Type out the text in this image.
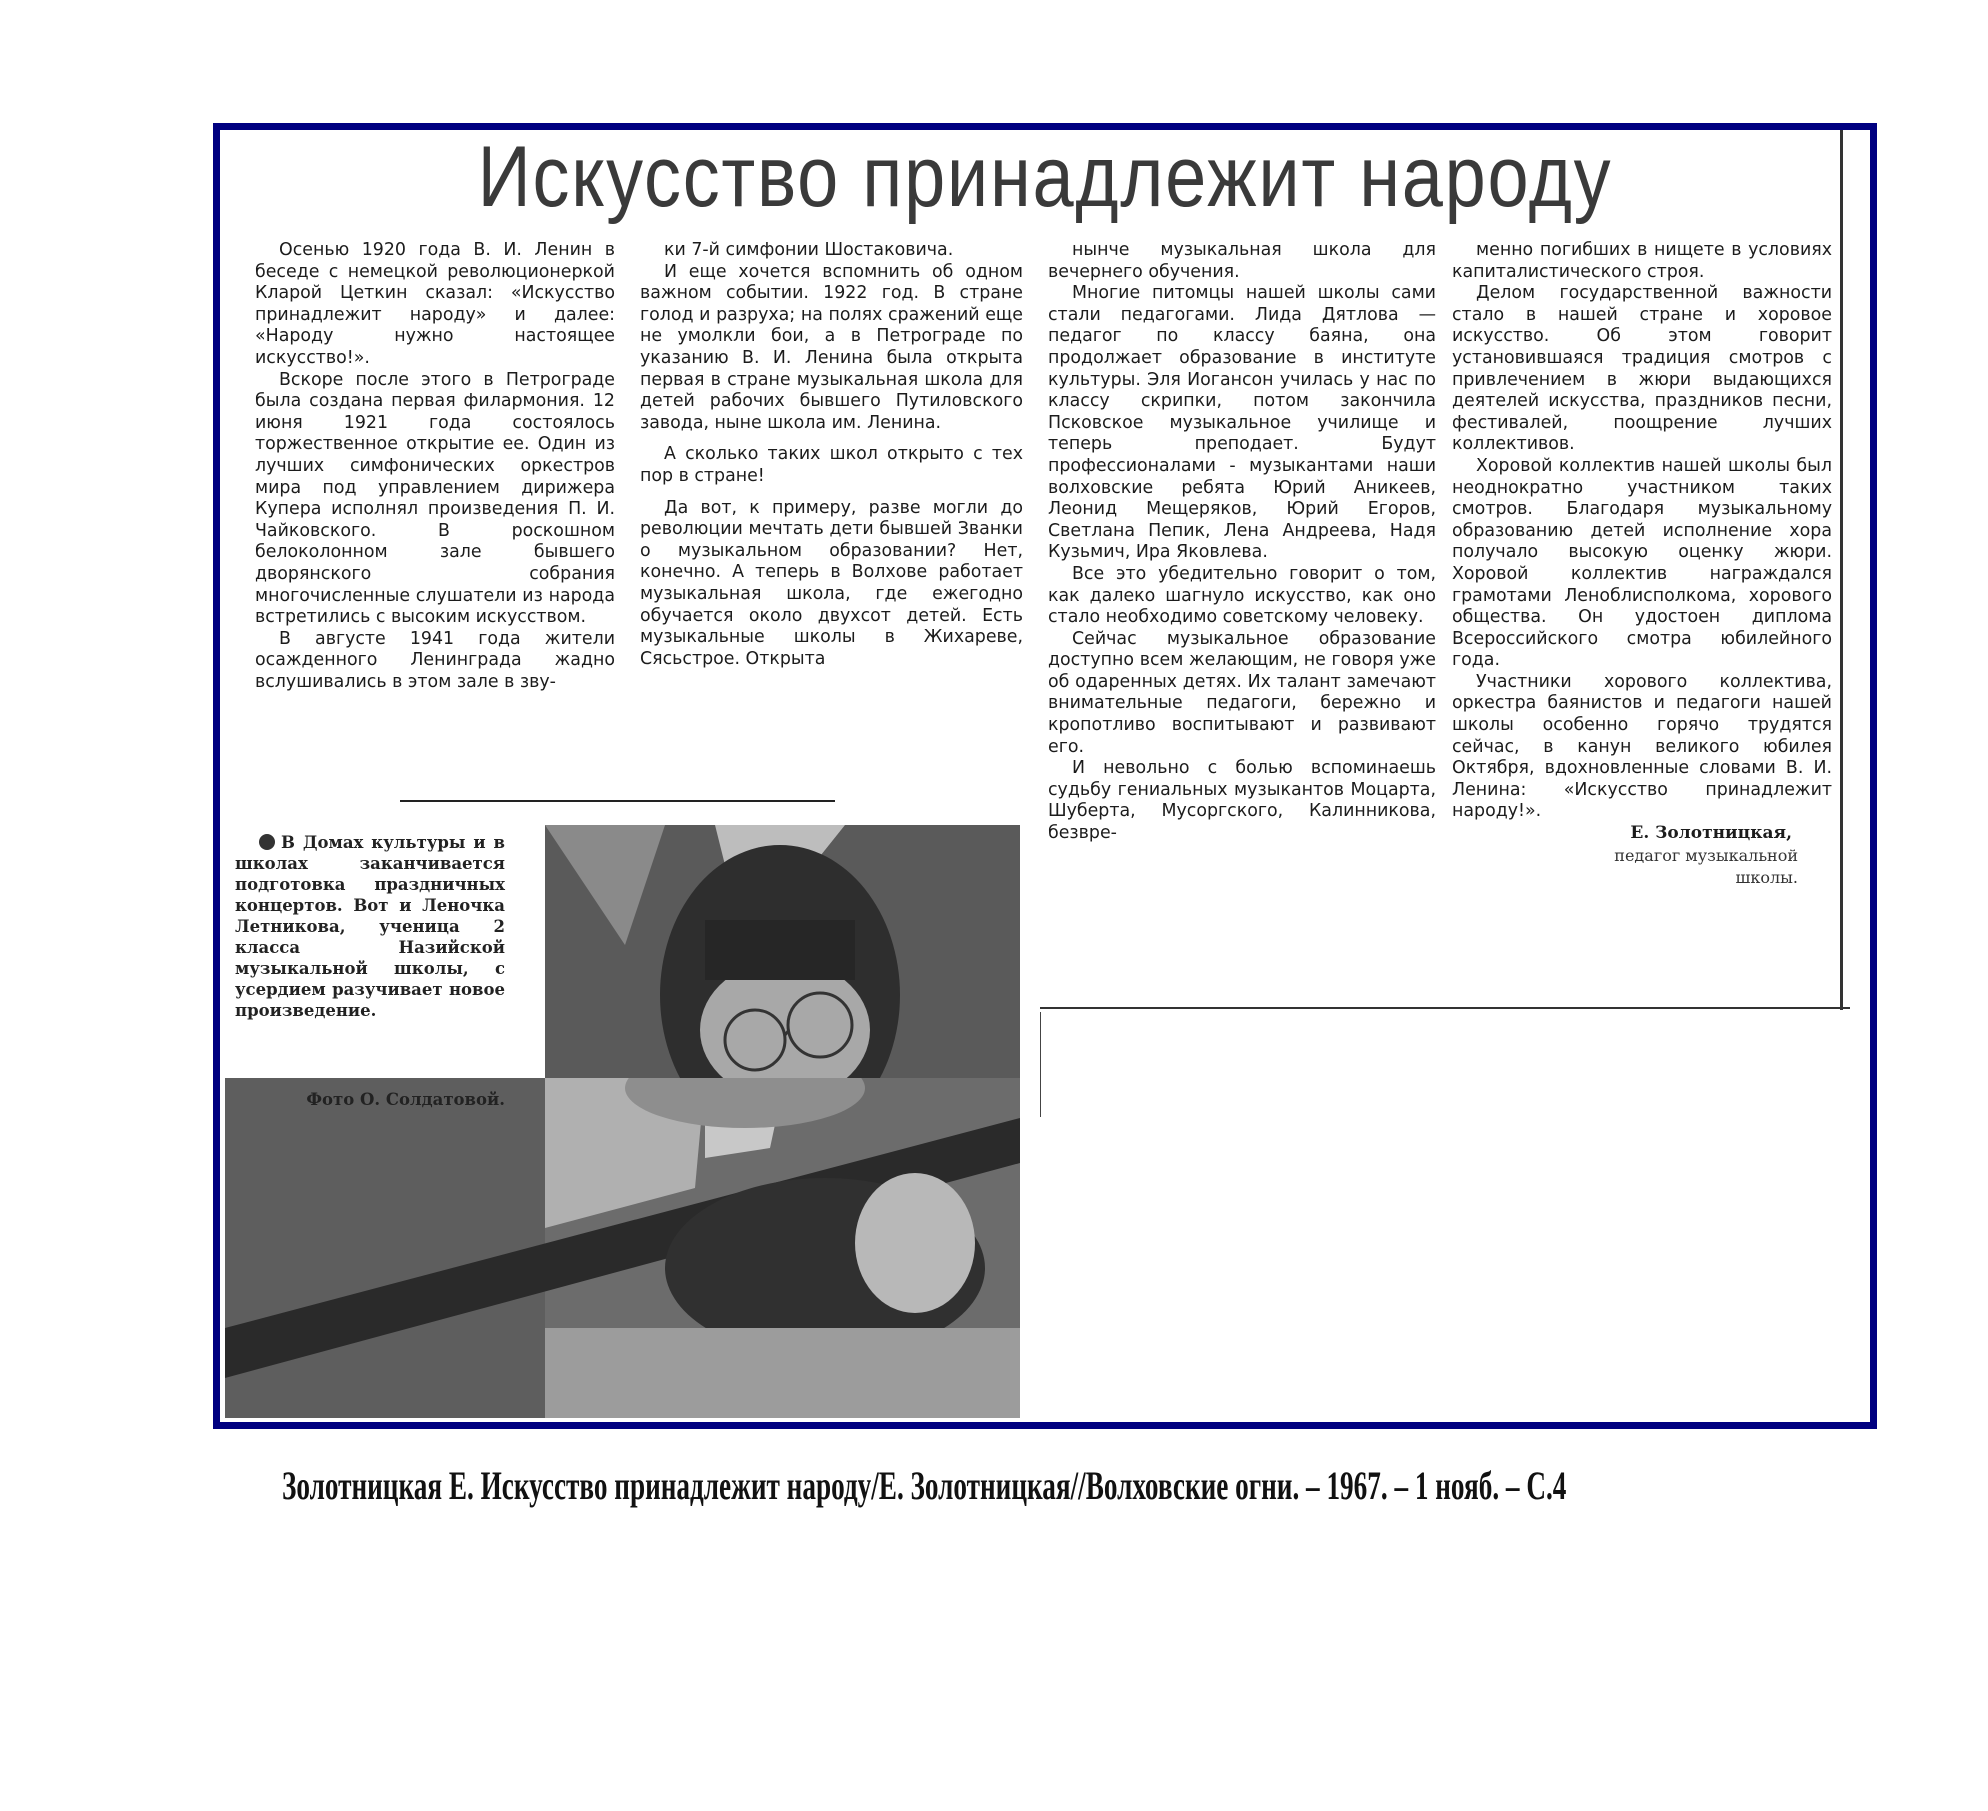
Искусство принадлежит народу

Осенью 1920 года В. И. Ленин в беседе с немецкой революционеркой Кларой Цеткин сказал: «Искусство принадлежит народу» и далее: «Народу нужно настоящее искусство!».

Вскоре после этого в Петрограде была создана первая филармония. 12 июня 1921 года состоялось торжественное открытие ее. Один из лучших симфонических оркестров мира под управлением дирижера Купера исполнял произведения П. И. Чайковского. В роскошном белоколонном зале бывшего дворянского собрания многочисленные слушатели из народа встретились с высоким искусством.

В августе 1941 года жители осажденного Ленинграда жадно вслушивались в этом зале в зву-

ки 7-й симфонии Шостаковича.

И еще хочется вспомнить об одном важном событии. 1922 год. В стране голод и разруха; на полях сражений еще не умолкли бои, а в Петрограде по указанию В. И. Ленина была открыта первая в стране музыкальная школа для детей рабочих бывшего Путиловского завода, ныне школа им. Ленина.

А сколько таких школ открыто с тех пор в стране!

Да вот, к примеру, разве могли до революции мечтать дети бывшей Званки о музыкальном образовании? Нет, конечно. А теперь в Волхове работает музыкальная школа, где ежегодно обучается около двухсот детей. Есть музыкальные школы в Жихареве, Сясьстрое. Открыта

нынче музыкальная школа для вечернего обучения.

Многие питомцы нашей школы сами стали педагогами. Лида Дятлова — педагог по классу баяна, она продолжает образование в институте культуры. Эля Иогансон училась у нас по классу скрипки, потом закончила Псковское музыкальное училище и теперь преподает. Будут профессионалами - музыкантами наши волховские ребята Юрий Аникеев, Леонид Мещеряков, Юрий Егоров, Светлана Пепик, Лена Андреева, Надя Кузьмич, Ира Яковлева.

Все это убедительно говорит о том, как далеко шагнуло искусство, как оно стало необходимо советскому человеку.

Сейчас музыкальное образование доступно всем желающим, не говоря уже об одаренных детях. Их талант замечают внимательные педагоги, бережно и кропотливо воспитывают и развивают его.

И невольно с болью вспоминаешь судьбу гениальных музыкантов Моцарта, Шуберта, Мусоргского, Калинникова, безвре-

менно погибших в нищете в условиях капиталистического строя.

Делом государственной важности стало в нашей стране и хоровое искусство. Об этом говорит установившаяся традиция смотров с привлечением в жюри выдающихся деятелей искусства, праздников песни, фестивалей, поощрение лучших коллективов.

Хоровой коллектив нашей школы был неоднократно участником таких смотров. Благодаря музыкальному образованию детей исполнение хора получало высокую оценку жюри. Хоровой коллектив награждался грамотами Леноблисполкома, хорового общества. Он удостоен диплома Всероссийского смотра юбилейного года.

Участники хорового коллектива, оркестра баянистов и педагоги нашей школы особенно горячо трудятся сейчас, в канун великого юбилея Октября, вдохновленные словами В. И. Ленина: «Искусство принадлежит народу!».

Е. Золотницкая,
педагог музыкальной
школы.
В Домах культуры и в школах заканчивается подготовка праздничных концертов. Вот и Леночка Летникова, ученица 2 класса Назийской музыкальной школы, с усердием разучивает новое произведение.
Фото О. Солдатовой.
Золотницкая Е. Искусство принадлежит народу/Е. Золотницкая//Волховские огни. – 1967. – 1 нояб. – С.4
